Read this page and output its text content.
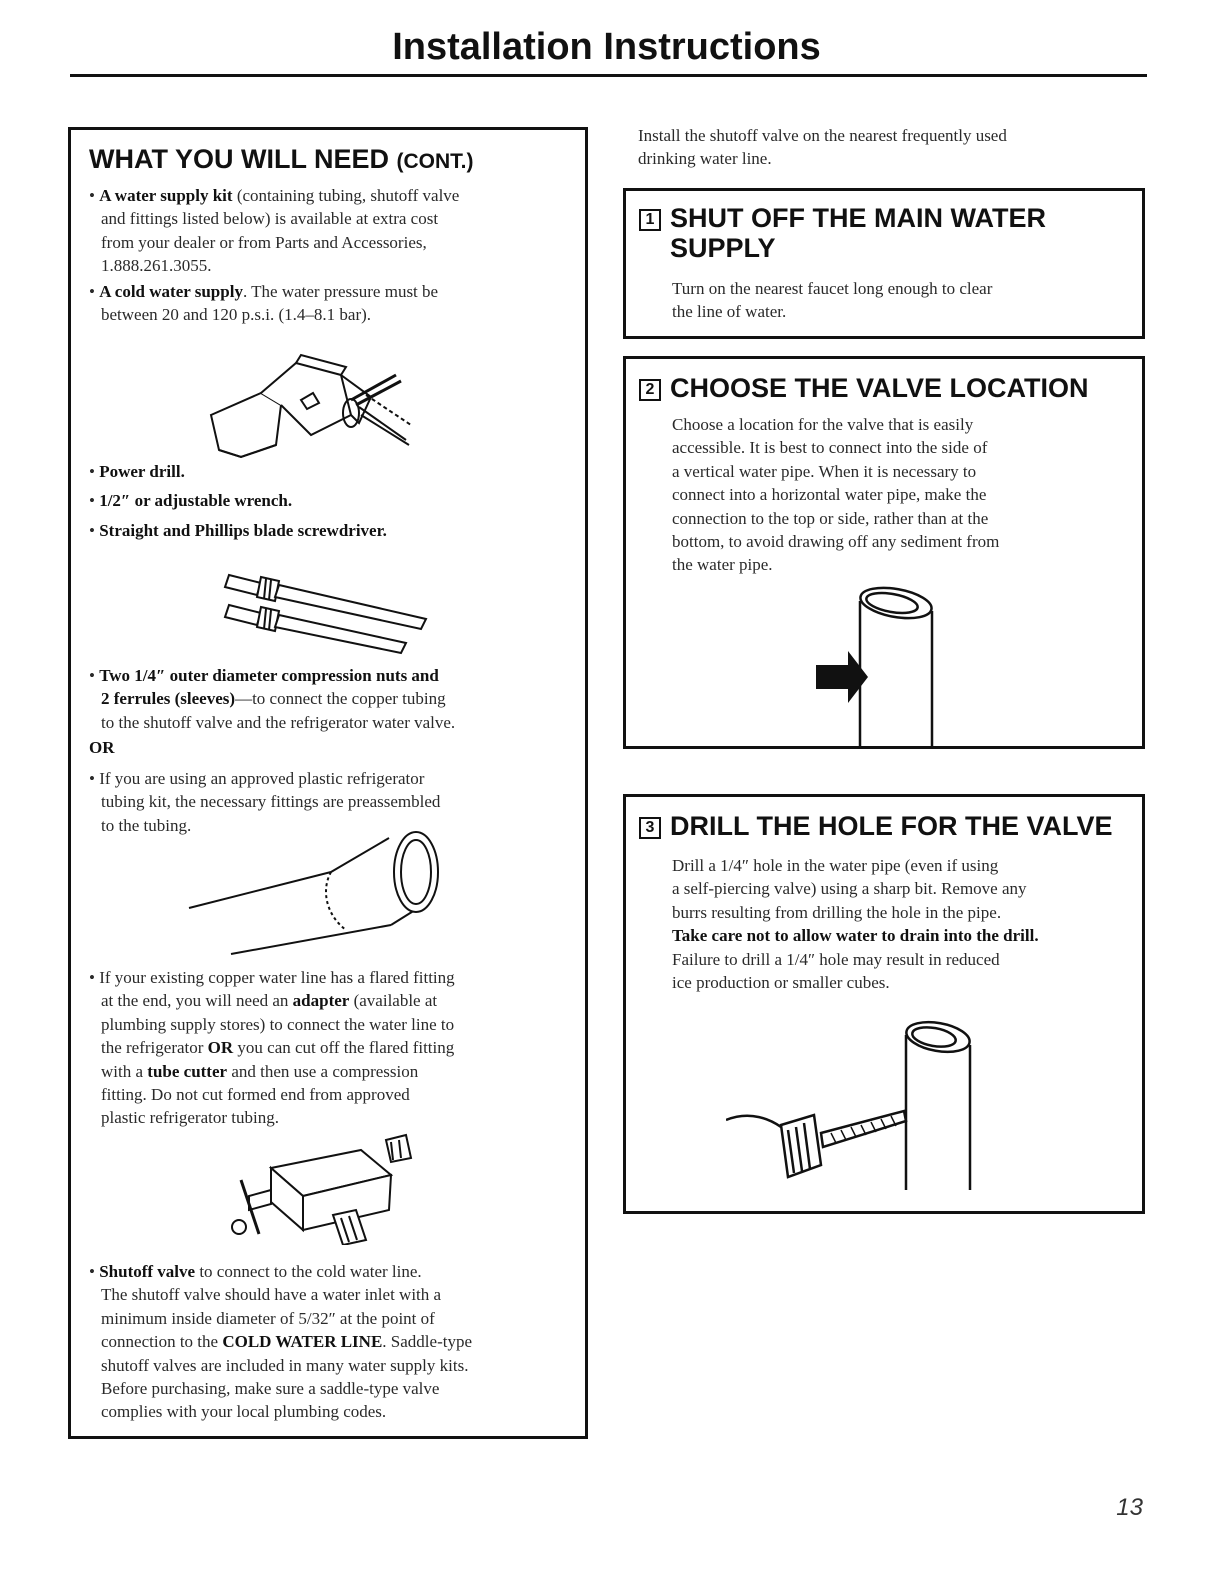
Installation Instructions
WHAT YOU WILL NEED (CONT.)
• A water supply kit (containing tubing, shutoff valve
and fittings listed below) is available at extra cost
from your dealer or from Parts and Accessories,
1.888.261.3055.
• A cold water supply. The water pressure must be
between 20 and 120 p.s.i. (1.4–8.1 bar).
• Power drill.
• 1/2″ or adjustable wrench.
• Straight and Phillips blade screwdriver.
• Two 1/4″ outer diameter compression nuts and
2 ferrules (sleeves)—to connect the copper tubing
to the shutoff valve and the refrigerator water valve.
OR
• If you are using an approved plastic refrigerator
tubing kit, the necessary fittings are preassembled
to the tubing.
• If your existing copper water line has a flared fitting
at the end, you will need an adapter (available at
plumbing supply stores) to connect the water line to
the refrigerator OR you can cut off the flared fitting
with a tube cutter and then use a compression
fitting. Do not cut formed end from approved
plastic refrigerator tubing.
• Shutoff valve to connect to the cold water line.
The shutoff valve should have a water inlet with a
minimum inside diameter of 5/32″ at the point of
connection to the COLD WATER LINE. Saddle-type
shutoff valves are included in many water supply kits.
Before purchasing, make sure a saddle-type valve
complies with your local plumbing codes.
Install the shutoff valve on the nearest frequently used
drinking water line.
1 SHUT OFF THE MAIN WATER
SUPPLY
Turn on the nearest faucet long enough to clear
the line of water.
2 CHOOSE THE VALVE LOCATION
Choose a location for the valve that is easily
accessible. It is best to connect into the side of
a vertical water pipe. When it is necessary to
connect into a horizontal water pipe, make the
connection to the top or side, rather than at the
bottom, to avoid drawing off any sediment from
the water pipe.
3 DRILL THE HOLE FOR THE VALVE
Drill a 1/4″ hole in the water pipe (even if using
a self-piercing valve) using a sharp bit. Remove any
burrs resulting from drilling the hole in the pipe.
Take care not to allow water to drain into the drill.
Failure to drill a 1/4″ hole may result in reduced
ice production or smaller cubes.
13
